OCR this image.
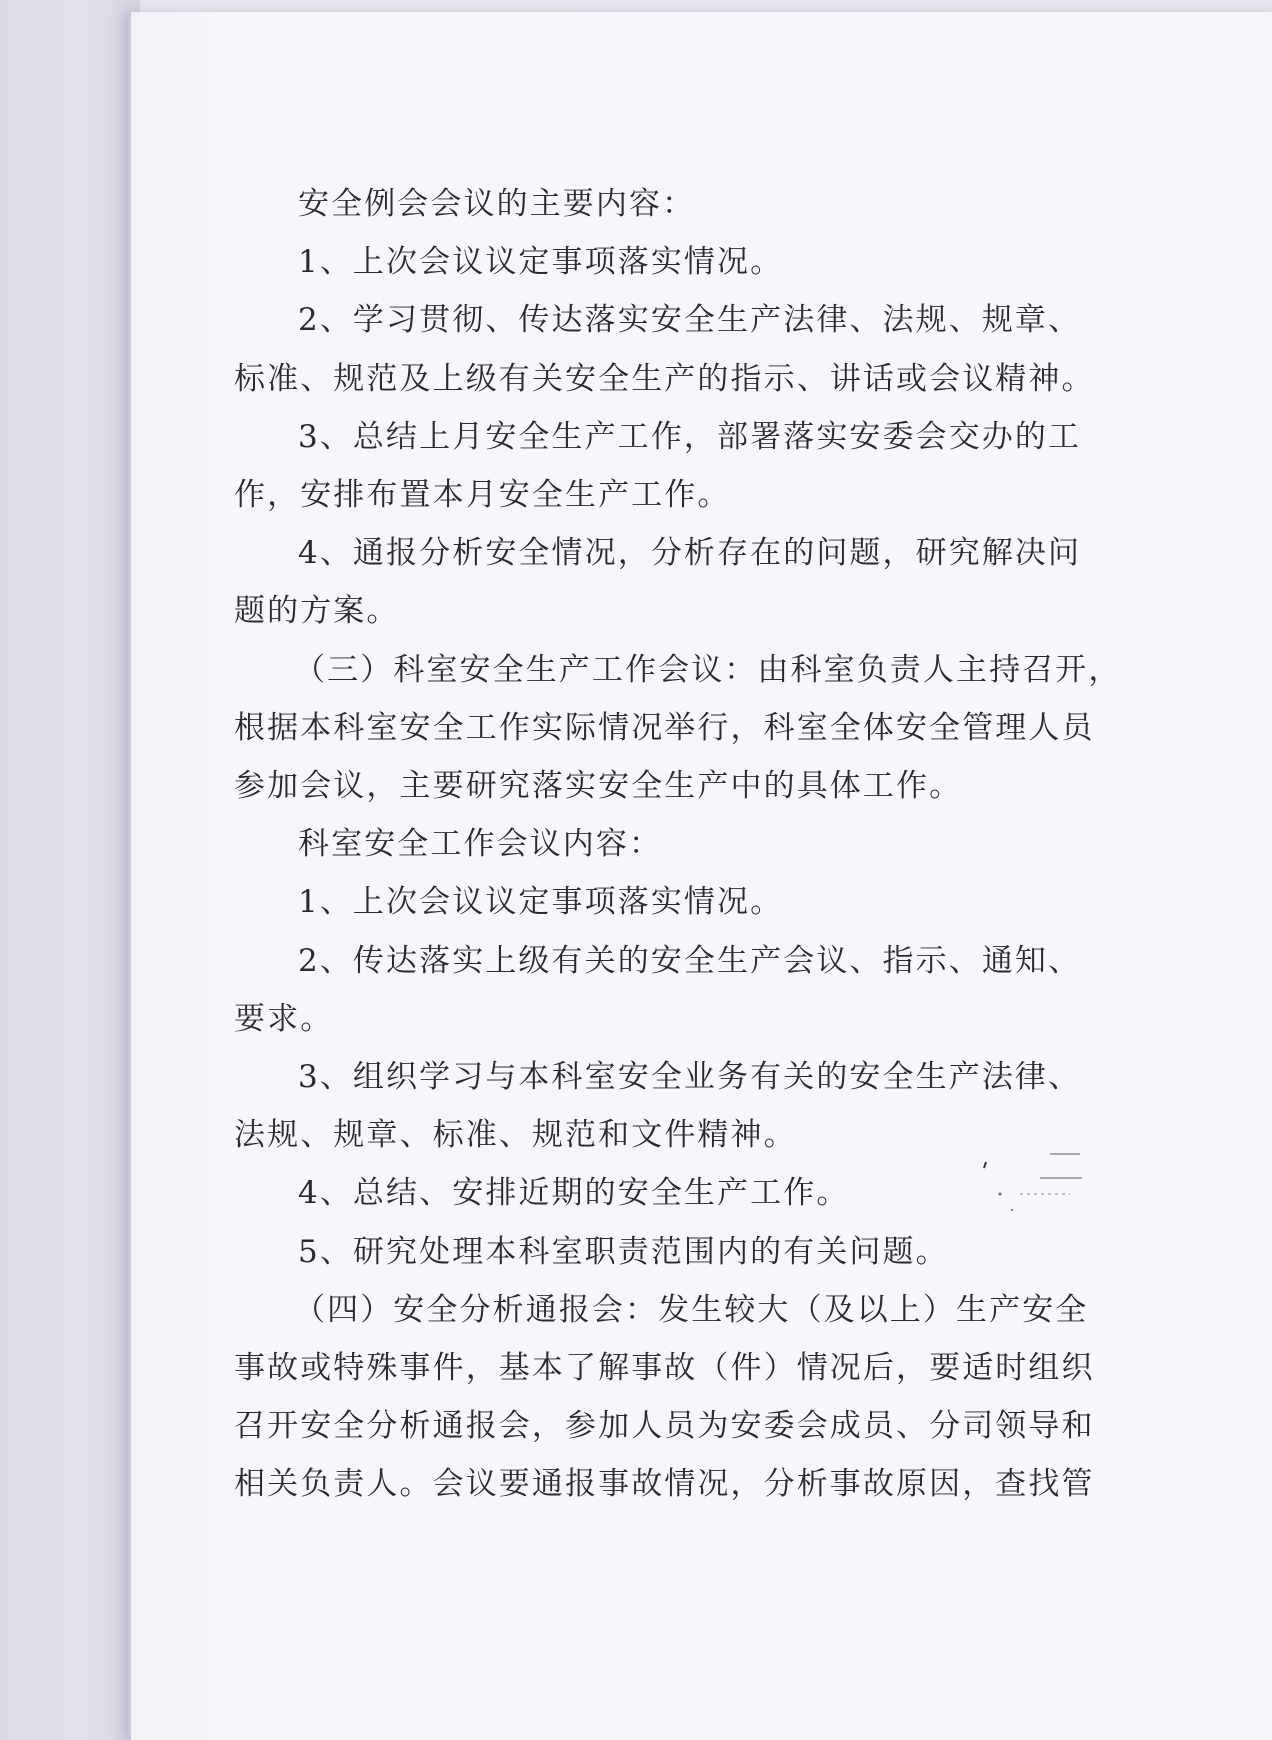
安全例会会议的主要内容：

1、上次会议议定事项落实情况。

2、学习贯彻、传达落实安全生产法律、法规、规章、

标准、规范及上级有关安全生产的指示、讲话或会议精神。

3、总结上月安全生产工作，部署落实安委会交办的工

作，安排布置本月安全生产工作。

4、通报分析安全情况，分析存在的问题，研究解决问

题的方案。

（三）科室安全生产工作会议：由科室负责人主持召开，

根据本科室安全工作实际情况举行，科室全体安全管理人员

参加会议，主要研究落实安全生产中的具体工作。

科室安全工作会议内容：

1、上次会议议定事项落实情况。

2、传达落实上级有关的安全生产会议、指示、通知、

要求。

3、组织学习与本科室安全业务有关的安全生产法律、

法规、规章、标准、规范和文件精神。

4、总结、安排近期的安全生产工作。

5、研究处理本科室职责范围内的有关问题。

（四）安全分析通报会：发生较大（及以上）生产安全

事故或特殊事件，基本了解事故（件）情况后，要适时组织

召开安全分析通报会，参加人员为安委会成员、分司领导和

相关负责人。会议要通报事故情况，分析事故原因，查找管
